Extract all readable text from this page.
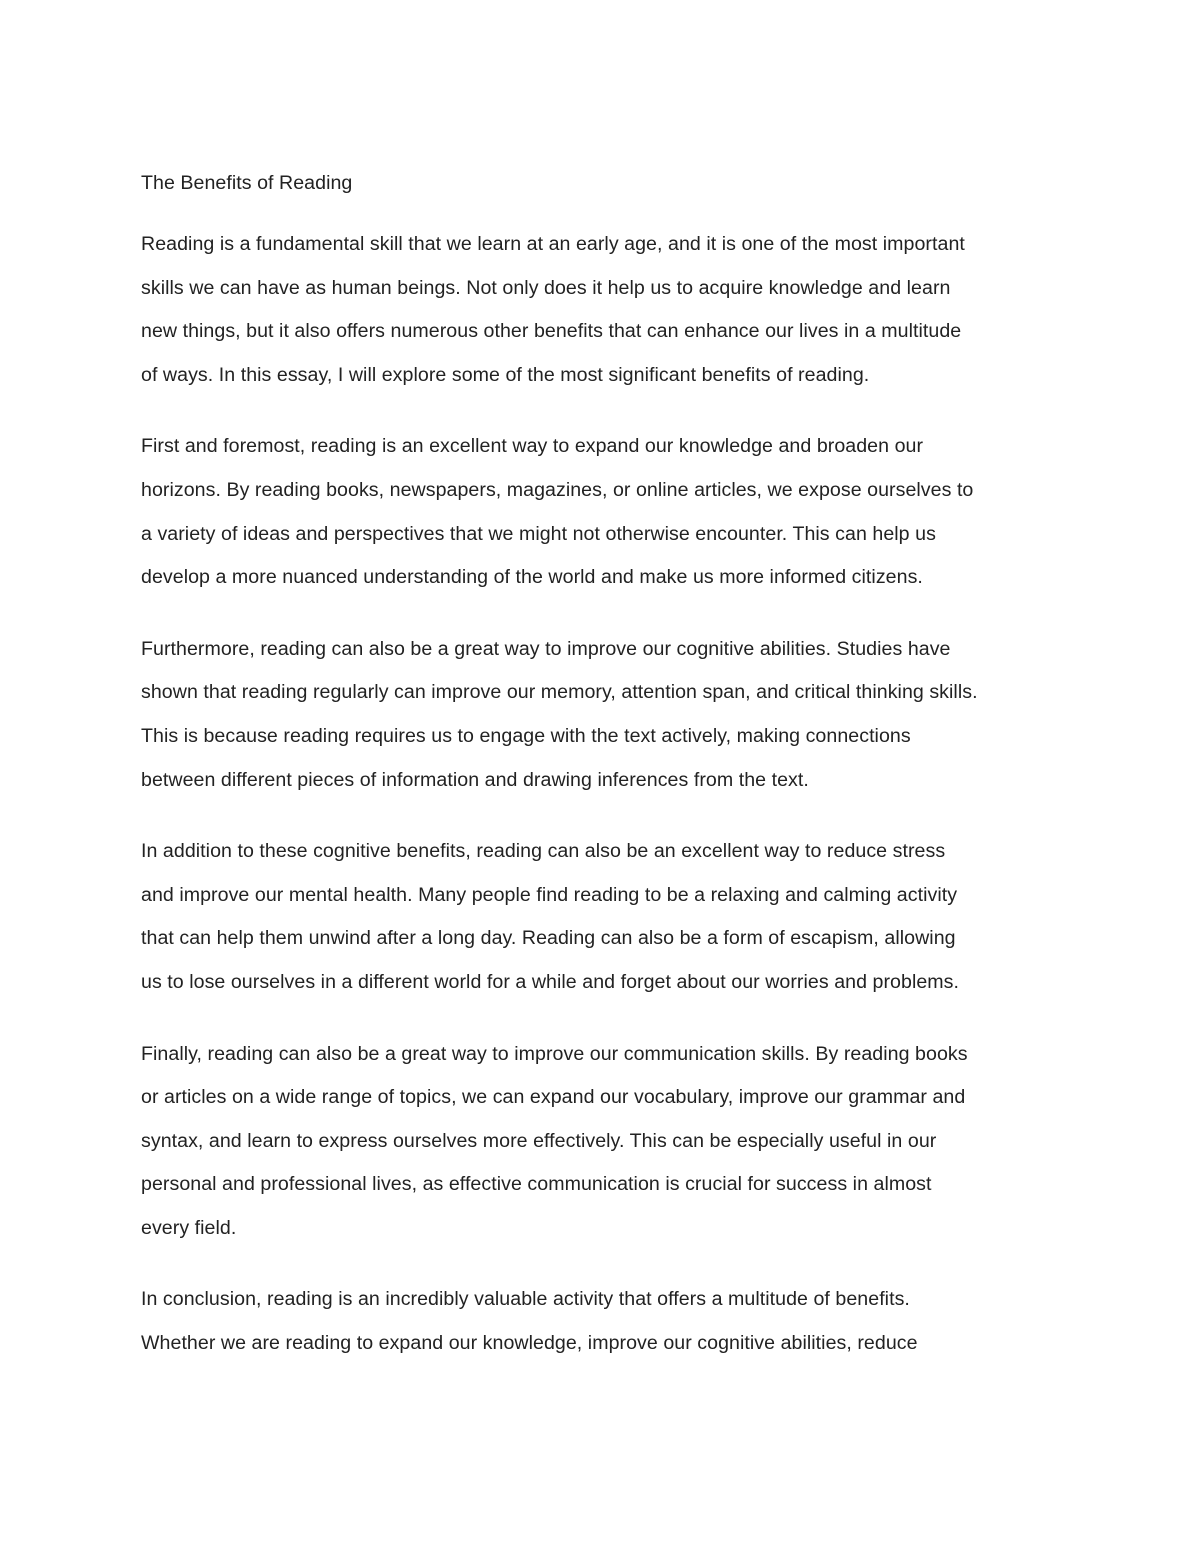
The Benefits of Reading

Reading is a fundamental skill that we learn at an early age, and it is one of the most important
skills we can have as human beings. Not only does it help us to acquire knowledge and learn
new things, but it also offers numerous other benefits that can enhance our lives in a multitude
of ways. In this essay, I will explore some of the most significant benefits of reading.

First and foremost, reading is an excellent way to expand our knowledge and broaden our
horizons. By reading books, newspapers, magazines, or online articles, we expose ourselves to
a variety of ideas and perspectives that we might not otherwise encounter. This can help us
develop a more nuanced understanding of the world and make us more informed citizens.

Furthermore, reading can also be a great way to improve our cognitive abilities. Studies have
shown that reading regularly can improve our memory, attention span, and critical thinking skills.
This is because reading requires us to engage with the text actively, making connections
between different pieces of information and drawing inferences from the text.

In addition to these cognitive benefits, reading can also be an excellent way to reduce stress
and improve our mental health. Many people find reading to be a relaxing and calming activity
that can help them unwind after a long day. Reading can also be a form of escapism, allowing
us to lose ourselves in a different world for a while and forget about our worries and problems.

Finally, reading can also be a great way to improve our communication skills. By reading books
or articles on a wide range of topics, we can expand our vocabulary, improve our grammar and
syntax, and learn to express ourselves more effectively. This can be especially useful in our
personal and professional lives, as effective communication is crucial for success in almost
every field.

In conclusion, reading is an incredibly valuable activity that offers a multitude of benefits.
Whether we are reading to expand our knowledge, improve our cognitive abilities, reduce
